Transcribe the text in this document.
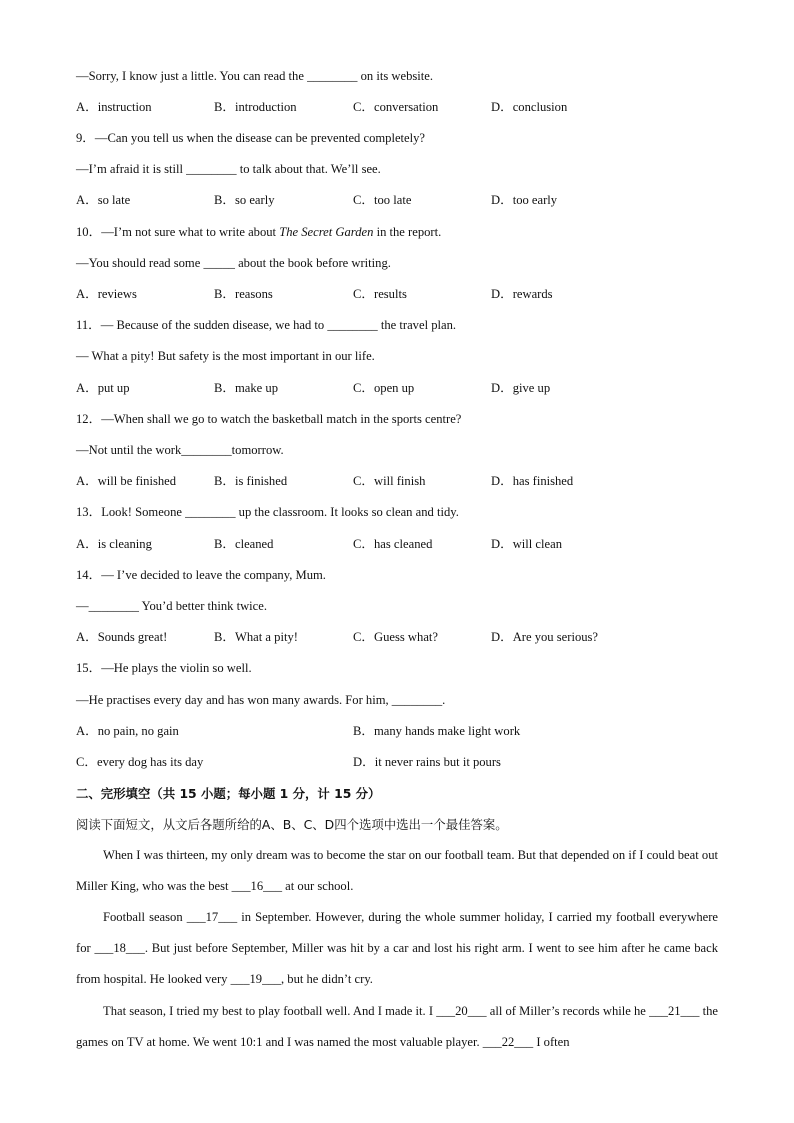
—Sorry, I know just a little. You can read the ________ on its website.
A．instruction	B．introduction	C．conversation	D．conclusion
9．—Can you tell us when the disease can be prevented completely?
—I’m afraid it is still ________ to talk about that. We’ll see.
A．so late	B．so early	C．too late	D．too early
10．—I’m not sure what to write about The Secret Garden in the report.
—You should read some _____ about the book before writing.
A．reviews	B．reasons	C．results	D．rewards
11．— Because of the sudden disease, we had to ________ the travel plan.
— What a pity! But safety is the most important in our life.
A．put up	B．make up	C．open up	D．give up
12．—When shall we go to watch the basketball match in the sports centre?
—Not until the work________tomorrow.
A．will be finished	B．is finished	C．will finish	D．has finished
13．Look! Someone ________ up the classroom. It looks so clean and tidy.
A．is cleaning	B．cleaned	C．has cleaned	D．will clean
14．— I’ve decided to leave the company, Mum.
—________ You’d better think twice.
A．Sounds great!	B．What a pity!	C．Guess what?	D．Are you serious?
15．—He plays the violin so well.
—He practises every day and has won many awards. For him, ________.
A．no pain, no gain	B．many hands make light work
C．every dog has its day	D．it never rains but it pours
二、完形填空（共 15 小题；每小题 1 分，计 15 分）
阅读下面短文，从文后各题所给的A、B、C、D四个选项中选出一个最佳答案。
When I was thirteen, my only dream was to become the star on our football team. But that depended on if I could beat out Miller King, who was the best ___16___ at our school.
Football season ___17___ in September. However, during the whole summer holiday, I carried my football everywhere for ___18___. But just before September, Miller was hit by a car and lost his right arm. I went to see him after he came back from hospital. He looked very ___19___, but he didn’t cry.
That season, I tried my best to play football well. And I made it. I ___20___ all of Miller’s records while he ___21___ the games on TV at home. We went 10:1 and I was named the most valuable player. ___22___ I often
